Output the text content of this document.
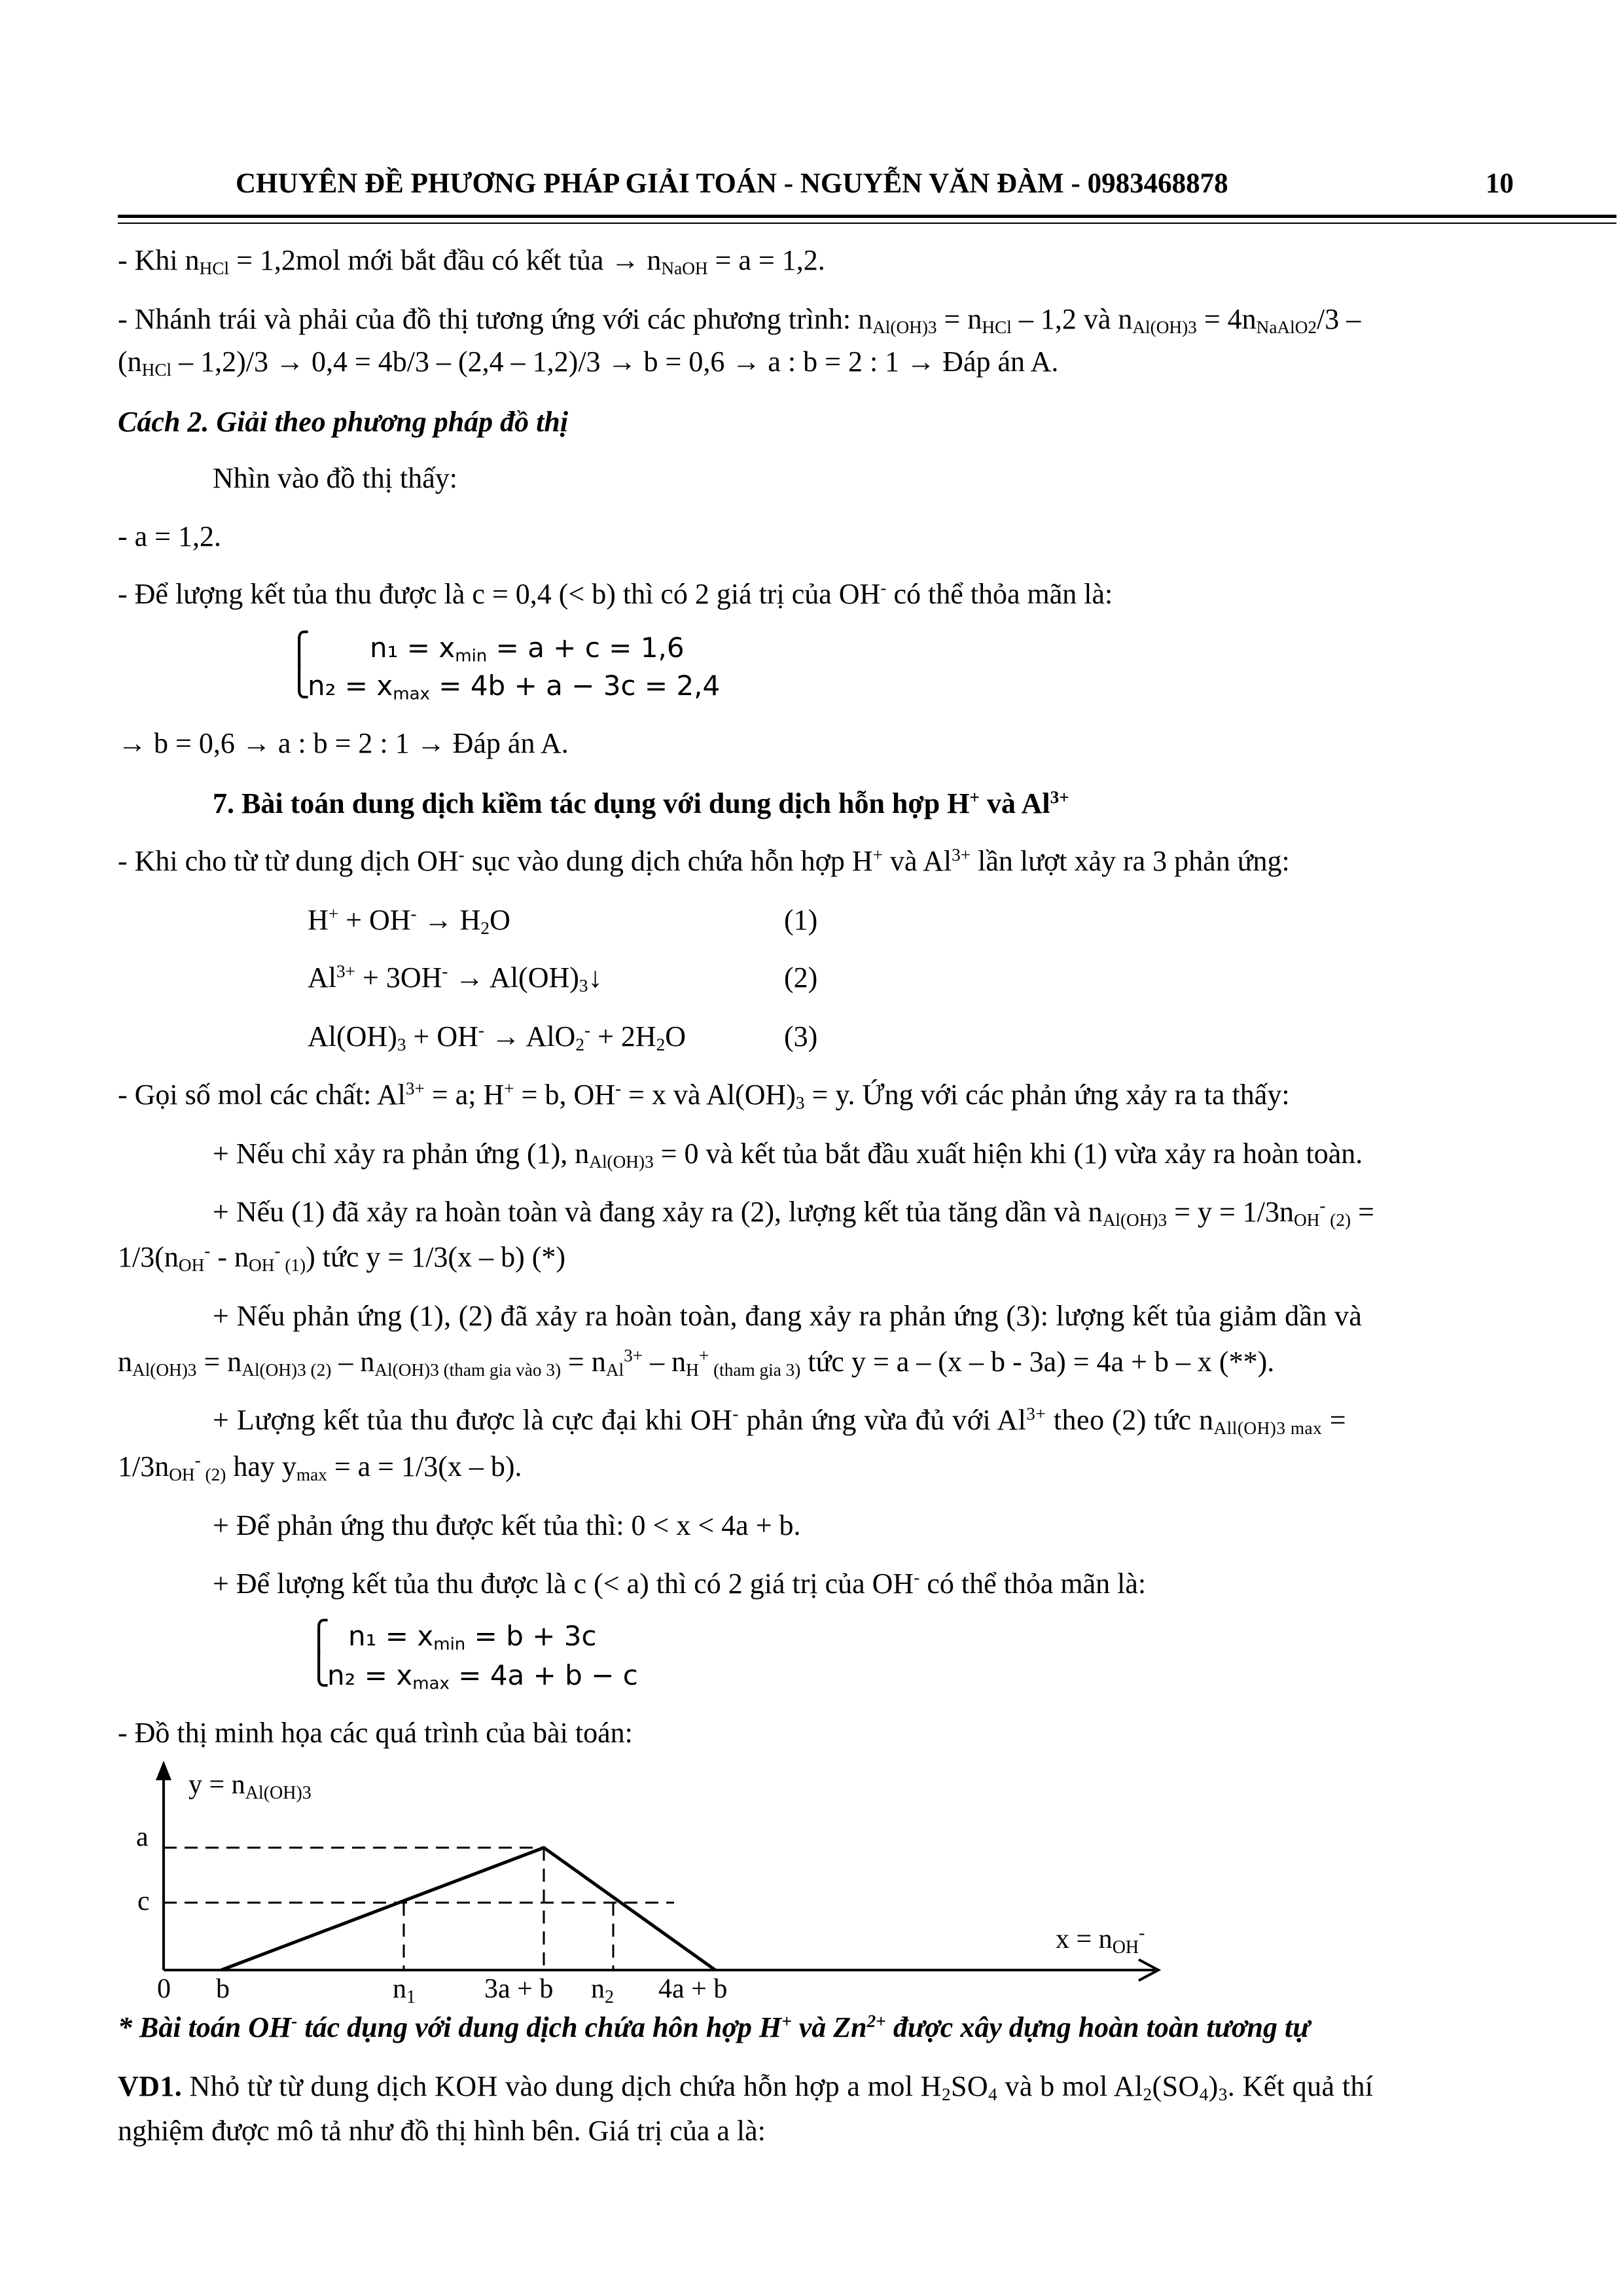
CHUYÊN ĐỀ PHƯƠNG PHÁP GIẢI TOÁN - NGUYỄN VĂN ĐÀM - 0983468878	10
- Khi $n_{HCl} = 1,2mol$ mới bắt đầu có kết tủa → $n_{NaOH} = a = 1,2$.
- Nhánh trái và phải của đồ thị tương ứng với các phương trình: $n_{Al(OH)3} = n_{HCl} - 1,2$ và $n_{Al(OH)3} = 4n_{NaAlO2}/3$ –
$(n_{HCl} - 1,2)/3 \to 0,4 = 4b/3 - (2,4 - 1,2)/3 \to b = 0,6 \to a$ : b = 2 : 1 → Đáp án A.
Cách 2. Giải theo phương pháp đồ thị
Nhìn vào đồ thị thấy:
- a = 1,2.
- Để lượng kết tủa thu được là c = 0,4 (< b) thì có 2 giá trị của OH- có thể thỏa mãn là:
⎧
⎩
$n_1 = x_{min} = a + c = 1,6$
$n_2 = x_{max} = 4b + a - 3c = 2,4$
→ b = 0,6 → a : b = 2 : 1 → Đáp án A.
7. Bài toán dung dịch kiềm tác dụng với dung dịch hỗn hợp H+ và $Al^{3+}$
- Khi cho từ từ dung dịch OH- sục vào dung dịch chứa hỗn hợp H+ và $Al^{3+}$ lần lượt xảy ra 3 phản ứng:
$H^+ + OH^- \to H_2O$	(1)
$Al^{3+} + 3OH^-$ → $Al(OH)_3↓$	(2)
$Al(OH)_3 + OH^- \to AlO_2^- + 2H_2O$	(3)
- Gọi số mol các chất: $Al^{3+} = a$; H+ = b, OH- = x và $Al(OH)_3 = y$. Ứng với các phản ứng xảy ra ta thấy:
+ Nếu chỉ xảy ra phản ứng (1), $n_{Al(OH)3} = 0$ và kết tủa bắt đầu xuất hiện khi (1) vừa xảy ra hoàn toàn.
+ Nếu (1) đã xảy ra hoàn toàn và đang xảy ra (2), lượng kết tủa tăng dần và $n_{Al(OH)3} = y = 1/3n_{OH}^-$ $_{(2)}$ =
$1/3(n_{OH}^- - n_{OH}^-$ $_{(1)}$) tức y = 1/3(x – b) (*)
+ Nếu phản ứng (1), (2) đã xảy ra hoàn toàn, đang xảy ra phản ứng (3): lượng kết tủa giảm dần và
$n_{Al(OH)3} = n_{Al(OH)3 (2)} - n_{Al(OH)3 (tham gia vào 3)} = n_{Al}^{3+} - n_H^+$ $_{(tham gia 3)}$ tức y = a – (x – b - 3a) = 4a + b – x (**).
+ Lượng kết tủa thu được là cực đại khi OH- phản ứng vừa đủ với $Al^{3+}$ theo (2) tức $n_{All(OH)3 max}$ =
$1/3n_{OH}^-$ $_{(2)}$ hay $y_{max} = a = 1/3(x - b)$.
+ Để phản ứng thu được kết tủa thì: 0 < x < 4a + b.
+ Để lượng kết tủa thu được là c (< a) thì có 2 giá trị của OH- có thể thỏa mãn là:
⎧
⎩
$n_1 = x_{min} = b + 3c$
$n_2 = x_{max} = 4a + b - c$
- Đồ thị minh họa các quá trình của bài toán:
y = nAl(OH)3
a
c
x = nOH-
0 b	n1	3a + b n2 4a + b
* Bài toán OH- tác dụng với dung dịch chứa hôn hợp H+ và $Zn^{2+}$ được xây dựng hoàn toàn tương tự
VD1. Nhỏ từ từ dung dịch KOH vào dung dịch chứa hỗn hợp a mol $H_2SO_4$ và b mol $Al_2(SO_4)_3$. Kết quả thí
nghiệm được mô tả như đồ thị hình bên. Giá trị của a là:
